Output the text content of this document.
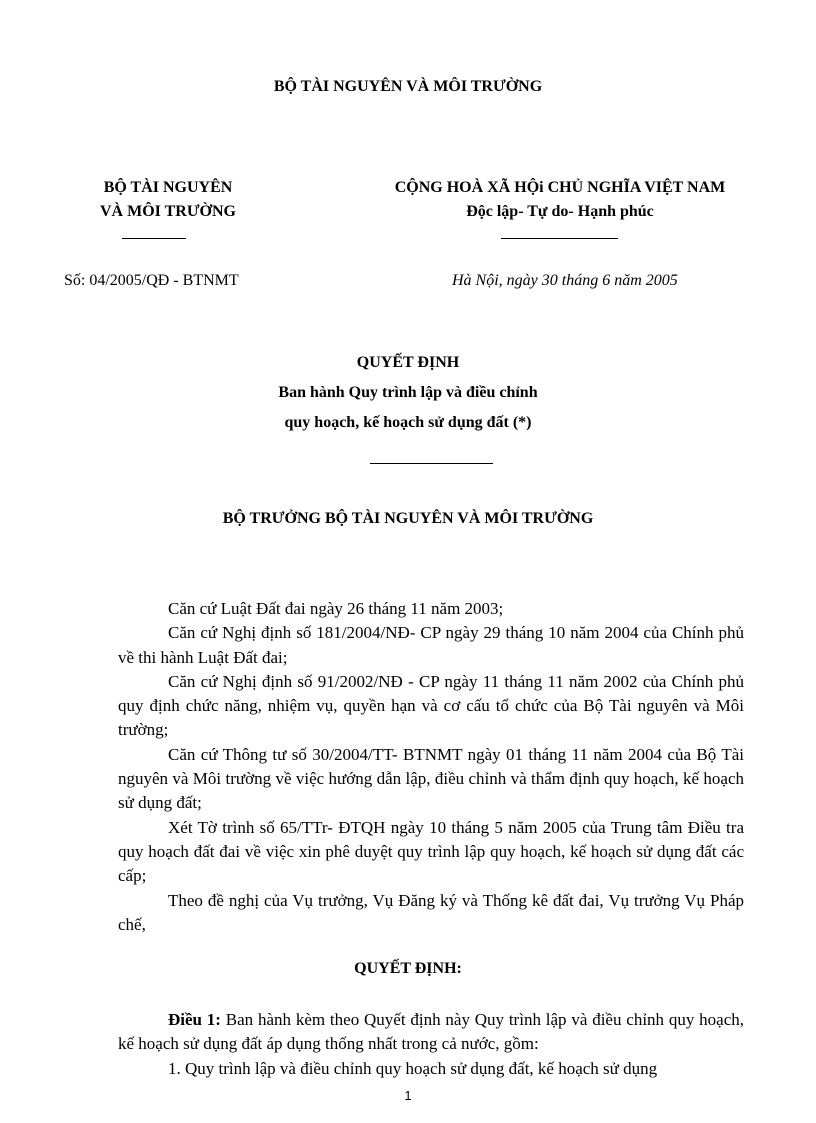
BỘ TÀI NGUYÊN VÀ MÔI TRƯỜNG
BỘ TÀI NGUYÊN
VÀ MÔI TRƯỜNG
Số: 04/2005/QĐ - BTNMT
CỘNG HOÀ XÃ HỘi CHỦ NGHĨA VIỆT NAM
Độc lập- Tự do- Hạnh phúc
Hà Nội, ngày 30 tháng 6 năm 2005
QUYẾT ĐỊNH
Ban hành Quy trình lập và điều chỉnh
quy hoạch, kế hoạch sử dụng đất (*)
BỘ TRƯỞNG BỘ TÀI NGUYÊN VÀ MÔI TRƯỜNG

Căn cứ Luật Đất đai ngày 26 tháng 11 năm 2003;

Căn cứ Nghị định số 181/2004/NĐ- CP ngày 29 tháng 10 năm 2004 của Chính phủ về thi hành Luật Đất đai;

Căn cứ Nghị định số 91/2002/NĐ - CP ngày 11 tháng 11 năm 2002 của Chính phủ quy định chức năng, nhiệm vụ, quyền hạn và cơ cấu tổ chức của Bộ Tài nguyên và Môi trường;

Căn cứ Thông tư số 30/2004/TT- BTNMT ngày 01 tháng 11 năm 2004 của Bộ Tài nguyên và Môi trường về việc hướng dẫn lập, điều chỉnh và thẩm định quy hoạch, kế hoạch sử dụng đất;

Xét Tờ trình số 65/TTr- ĐTQH ngày 10 tháng 5 năm 2005 của Trung tâm Điều tra quy hoạch đất đai về việc xin phê duyệt quy trình lập quy hoạch, kế hoạch sử dụng đất các cấp;

Theo đề nghị của Vụ trưởng, Vụ Đăng ký và Thống kê đất đai, Vụ trưởng Vụ Pháp chế,

QUYẾT ĐỊNH:

Điều 1: Ban hành kèm theo Quyết định này Quy trình lập và điều chỉnh quy hoạch, kế hoạch sử dụng đất áp dụng thống nhất trong cả nước, gồm:

1. Quy trình lập và điều chỉnh quy hoạch sử dụng đất, kế hoạch sử dụng

1
